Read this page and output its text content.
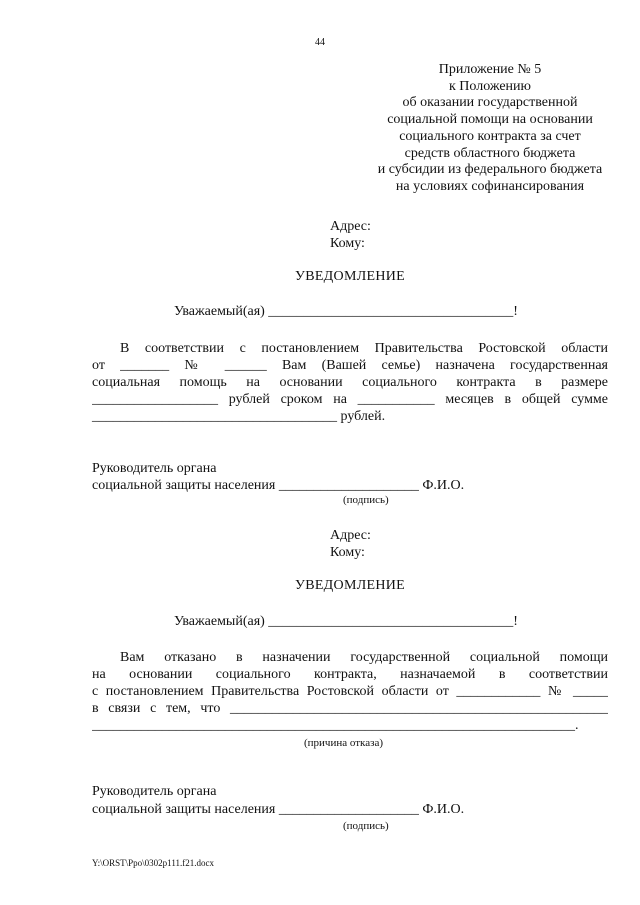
44
Приложение № 5
к Положению
об оказании государственной
социальной помощи на основании
социального контракта за счет
средств областного бюджета
и субсидии из федерального бюджета
на условиях софинансирования
Адрес:
Кому:
УВЕДОМЛЕНИЕ
Уважаемый(ая) ___________________________________!
В соответствии с постановлением Правительства Ростовской области
от _______ № ______ Вам (Вашей семье) назначена государственная
социальная помощь на основании социального контракта в размере
__________________ рублей сроком на ___________ месяцев в общей сумме
___________________________________ рублей.
Руководитель органа
социальной защиты населения ____________________ Ф.И.О.
(подпись)
Адрес:
Кому:
УВЕДОМЛЕНИЕ
Уважаемый(ая) ___________________________________!
Вам отказано в назначении государственной социальной помощи
на основании социального контракта, назначаемой в соответствии
с постановлением Правительства Ростовской области от ____________ № _____
в связи с тем, что ______________________________________________________
_____________________________________________________________________.
(причина отказа)
Руководитель органа
социальной защиты населения ____________________ Ф.И.О.
(подпись)
Y:\ORST\Ppo\0302p111.f21.docx
